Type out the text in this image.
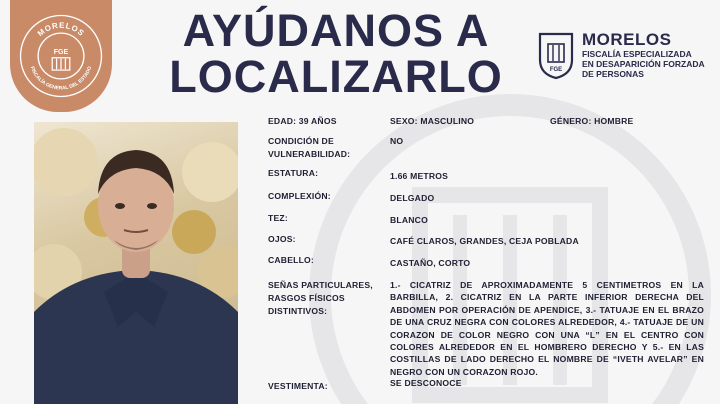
MORELOS
FISCALÍA GENERAL DEL ESTADO
FGE	AYÚDANOS A
LOCALIZARLO	FGE
MORELOS
FISCALÍA ESPECIALIZADA
EN DESAPARICIÓN FORZADA
DE PERSONAS
EDAD: 39 AÑOS	SEXO: MASCULINO	GÉNERO: HOMBRE
CONDICIÓN DE
VULNERABILIDAD:
NO
ESTATURA:	1.66 METROS
COMPLEXIÓN:	DELGADO
TEZ:	BLANCO
OJOS:	CAFÉ CLAROS, GRANDES, CEJA POBLADA
CABELLO:	CASTAÑO, CORTO
SEÑAS PARTICULARES,
RASGOS FÍSICOS
DISTINTIVOS:
1.- CICATRIZ DE APROXIMADAMENTE 5 CENTIMETROS EN LA BARBILLA, 2. CICATRIZ EN LA PARTE INFERIOR DERECHA DEL ABDOMEN POR OPERACIÓN DE APENDICE, 3.- TATUAJE EN EL BRAZO DE UNA CRUZ NEGRA CON COLORES ALREDEDOR, 4.- TATUAJE DE UN CORAZON DE COLOR NEGRO CON UNA “L” EN EL CENTRO CON COLORES ALREDEDOR EN EL HOMBRERO DERECHO Y 5.- EN LAS COSTILLAS DE LADO DERECHO EL NOMBRE DE “IVETH AVELAR” EN NEGRO CON UN CORAZON ROJO.
VESTIMENTA:	SE DESCONOCE
